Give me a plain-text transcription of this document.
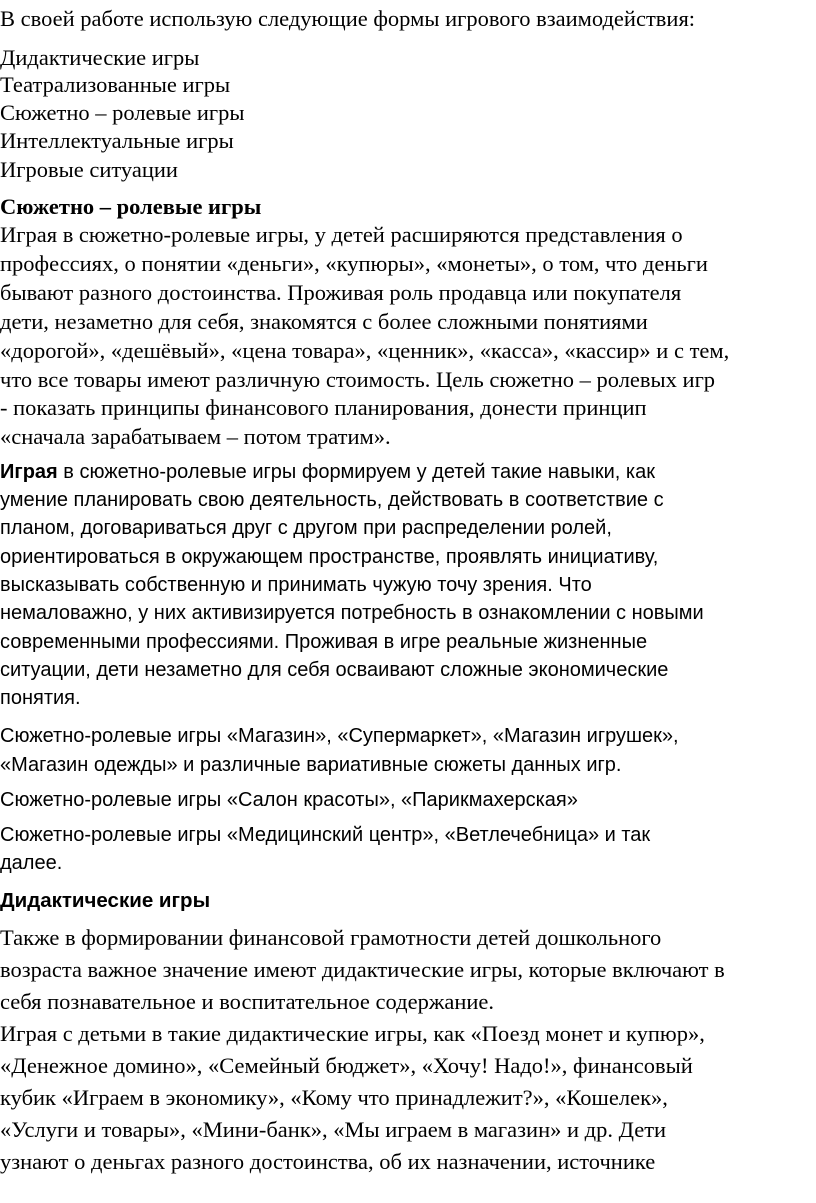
В своей работе использую следующие формы игрового взаимодействия:

Дидактические игры

Театрализованные игры

Сюжетно – ролевые игры

Интеллектуальные игры

Игровые ситуации

Сюжетно – ролевые игры

Играя в сюжетно-ролевые игры, у детей расширяются представления о

профессиях, о понятии «деньги», «купюры», «монеты», о том, что деньги

бывают разного достоинства. Проживая роль продавца или покупателя

дети, незаметно для себя, знакомятся с более сложными понятиями

«дорогой», «дешёвый», «цена товара», «ценник», «касса», «кассир» и с тем,

что все товары имеют различную стоимость. Цель сюжетно – ролевых игр

- показать принципы финансового планирования, донести принцип

«сначала зарабатываем – потом тратим».

Играя в сюжетно-ролевые игры формируем у детей такие навыки, как

умение планировать свою деятельность, действовать в соответствие с

планом, договариваться друг с другом при распределении ролей,

ориентироваться в окружающем пространстве, проявлять инициативу,

высказывать собственную и принимать чужую точу зрения. Что

немаловажно, у них активизируется потребность в ознакомлении с новыми

современными профессиями. Проживая в игре реальные жизненные

ситуации, дети незаметно для себя осваивают сложные экономические

понятия.

Сюжетно-ролевые игры «Магазин», «Супермаркет», «Магазин игрушек»,

«Магазин одежды» и различные вариативные сюжеты данных игр.

Сюжетно-ролевые игры «Салон красоты», «Парикмахерская»

Сюжетно-ролевые игры «Медицинский центр», «Ветлечебница» и так

далее.

Дидактические игры

Также в формировании финансовой грамотности детей дошкольного

возраста важное значение имеют дидактические игры, которые включают в

себя познавательное и воспитательное содержание.

Играя с детьми в такие дидактические игры, как «Поезд монет и купюр»,

«Денежное домино», «Семейный бюджет», «Хочу! Надо!», финансовый

кубик «Играем в экономику», «Кому что принадлежит?», «Кошелек»,

«Услуги и товары», «Мини-банк», «Мы играем в магазин» и др. Дети

узнают о деньгах разного достоинства, об их назначении, источнике
